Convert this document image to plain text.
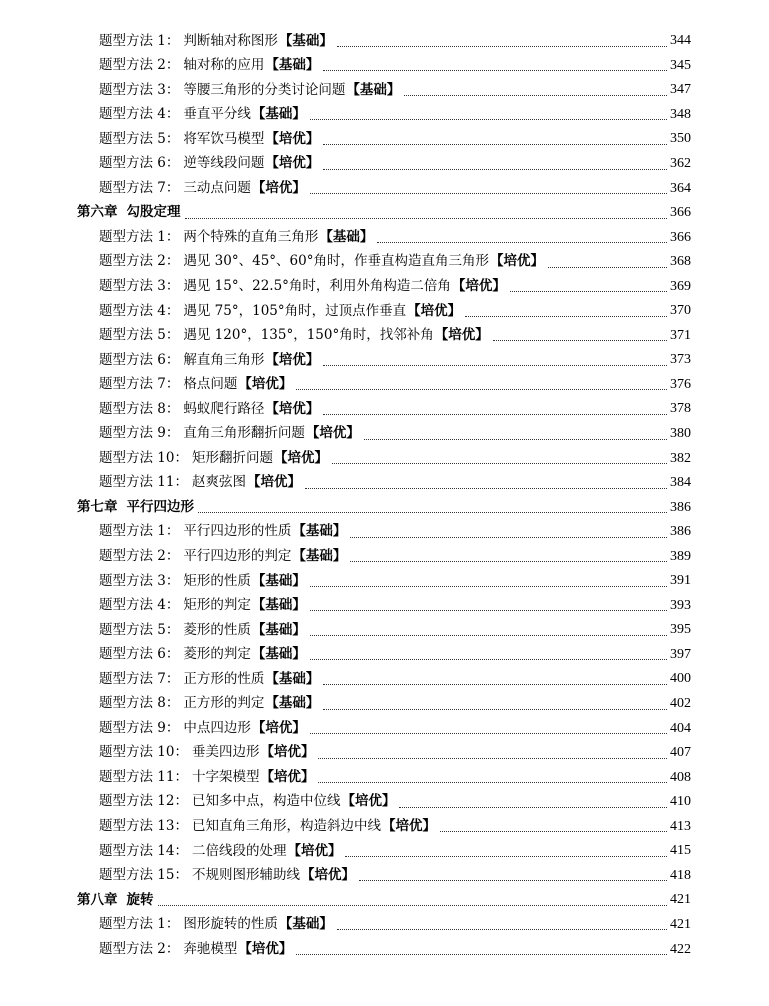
题型方法 1： 判断轴对称图形 【基础】	344
题型方法 2： 轴对称的应用 【基础】	345
题型方法 3： 等腰三角形的分类讨论问题 【基础】	347
题型方法 4： 垂直平分线 【基础】	348
题型方法 5： 将军饮马模型 【培优】	350
题型方法 6： 逆等线段问题 【培优】	362
题型方法 7： 三动点问题 【培优】	364
第六章 勾股定理	366
题型方法 1： 两个特殊的直角三角形 【基础】	366
题型方法 2： 遇见 30°、45°、60°角时，作垂直构造直角三角形 【培优】	368
题型方法 3： 遇见 15°、22.5°角时，利用外角构造二倍角 【培优】	369
题型方法 4： 遇见 75°，105°角时，过顶点作垂直 【培优】	370
题型方法 5： 遇见 120°，135°，150°角时，找邻补角 【培优】	371
题型方法 6： 解直角三角形 【培优】	373
题型方法 7： 格点问题 【培优】	376
题型方法 8： 蚂蚁爬行路径 【培优】	378
题型方法 9： 直角三角形翻折问题 【培优】	380
题型方法 10： 矩形翻折问题 【培优】	382
题型方法 11： 赵爽弦图 【培优】	384
第七章 平行四边形	386
题型方法 1： 平行四边形的性质 【基础】	386
题型方法 2： 平行四边形的判定 【基础】	389
题型方法 3： 矩形的性质 【基础】	391
题型方法 4： 矩形的判定 【基础】	393
题型方法 5： 菱形的性质 【基础】	395
题型方法 6： 菱形的判定 【基础】	397
题型方法 7： 正方形的性质 【基础】	400
题型方法 8： 正方形的判定 【基础】	402
题型方法 9： 中点四边形 【培优】	404
题型方法 10： 垂美四边形 【培优】	407
题型方法 11： 十字架模型 【培优】	408
题型方法 12： 已知多中点，构造中位线 【培优】	410
题型方法 13： 已知直角三角形，构造斜边中线 【培优】	413
题型方法 14： 二倍线段的处理 【培优】	415
题型方法 15： 不规则图形辅助线 【培优】	418
第八章 旋转	421
题型方法 1： 图形旋转的性质 【基础】	421
题型方法 2： 奔驰模型 【培优】	422
